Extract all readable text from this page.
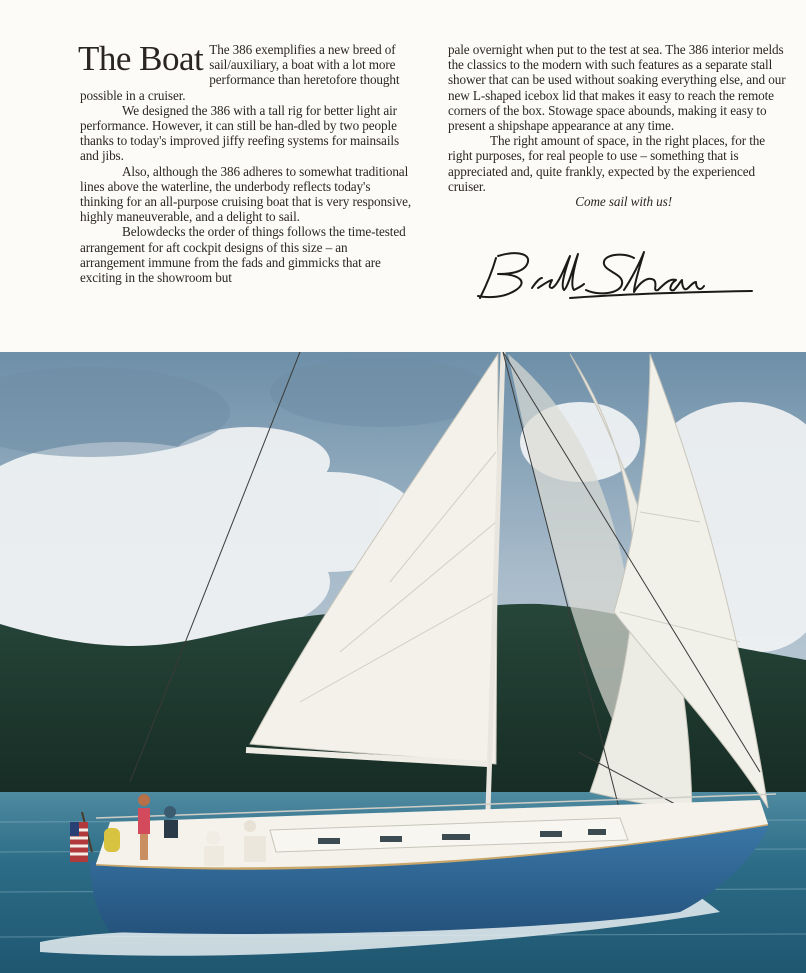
The Boat The 386 exemplifies a new breed of sail/auxiliary, a boat with a lot more performance than heretofore thought possible in a cruiser.

We designed the 386 with a tall rig for better light air performance. However, it can still be han-dled by two people thanks to today's improved jiffy reefing systems for mainsails and jibs.

Also, although the 386 adheres to somewhat traditional lines above the waterline, the underbody reflects today's thinking for an all-purpose cruising boat that is very responsive, highly maneuverable, and a delight to sail.

Belowdecks the order of things follows the time-tested arrangement for aft cockpit designs of this size – an arrangement immune from the fads and gimmicks that are exciting in the showroom but

pale overnight when put to the test at sea. The 386 interior melds the classics to the modern with such features as a separate stall shower that can be used without soaking everything else, and our new L-shaped icebox lid that makes it easy to reach the remote corners of the box. Stowage space abounds, making it easy to present a shipshape appearance at any time.

The right amount of space, in the right places, for the right purposes, for real people to use – something that is appreciated and, quite frankly, expected by the experienced cruiser.

Come sail with us!
